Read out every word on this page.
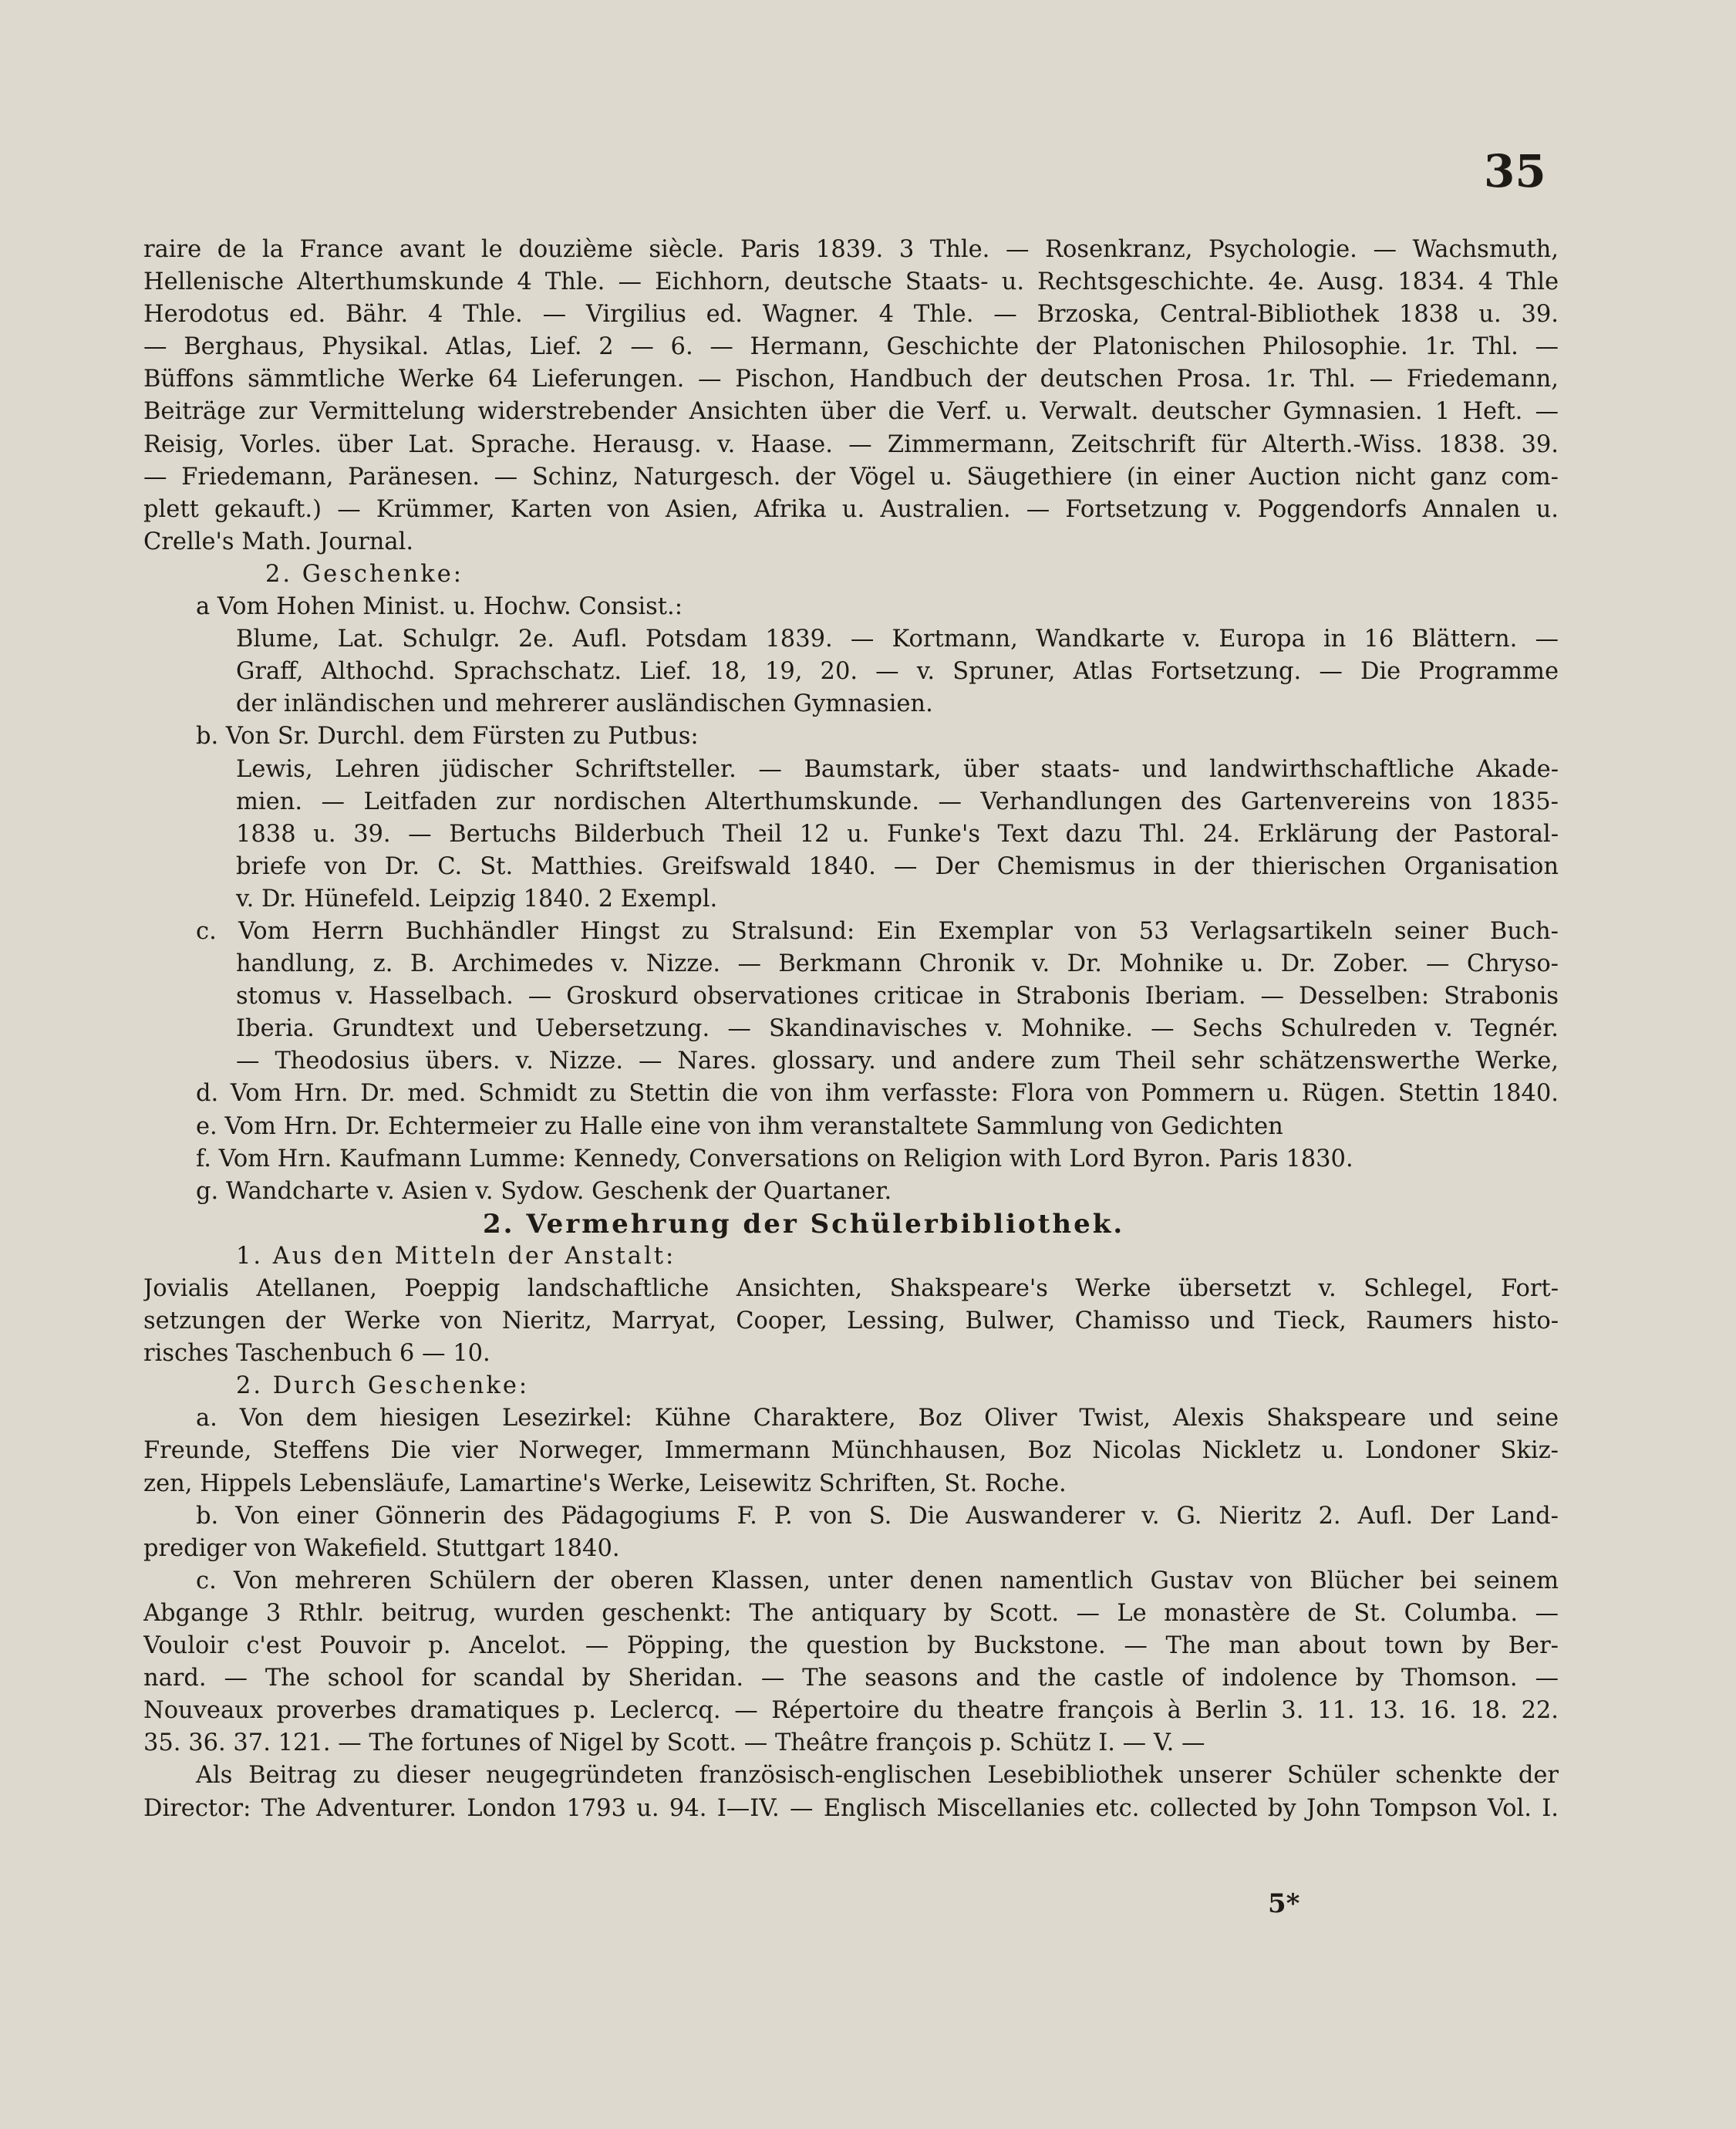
35
raire de la France avant le douzième siècle. Paris 1839. 3 Thle. — Rosenkranz, Psychologie. — Wachsmuth,
Hellenische Alterthumskunde 4 Thle. — Eichhorn, deutsche Staats- u. Rechtsgeschichte. 4e. Ausg. 1834. 4 Thle
Herodotus ed. Bähr. 4 Thle. — Virgilius ed. Wagner. 4 Thle. — Brzoska, Central-Bibliothek 1838 u. 39.
— Berghaus, Physikal. Atlas, Lief. 2 — 6. — Hermann, Geschichte der Platonischen Philosophie. 1r. Thl. —
Büffons sämmtliche Werke 64 Lieferungen. — Pischon, Handbuch der deutschen Prosa. 1r. Thl. — Friedemann,
Beiträge zur Vermittelung widerstrebender Ansichten über die Verf. u. Verwalt. deutscher Gymnasien. 1 Heft. —
Reisig, Vorles. über Lat. Sprache. Herausg. v. Haase. — Zimmermann, Zeitschrift für Alterth.-Wiss. 1838. 39.
— Friedemann, Paränesen. — Schinz, Naturgesch. der Vögel u. Säugethiere (in einer Auction nicht ganz com-
plett gekauft.) — Krümmer, Karten von Asien, Afrika u. Australien. — Fortsetzung v. Poggendorfs Annalen u.
Crelle's Math. Journal.
2. Geschenke:
a Vom Hohen Minist. u. Hochw. Consist.:
Blume, Lat. Schulgr. 2e. Aufl. Potsdam 1839. — Kortmann, Wandkarte v. Europa in 16 Blättern. —
Graff, Althochd. Sprachschatz. Lief. 18, 19, 20. — v. Spruner, Atlas Fortsetzung. — Die Programme
der inländischen und mehrerer ausländischen Gymnasien.
b. Von Sr. Durchl. dem Fürsten zu Putbus:
Lewis, Lehren jüdischer Schriftsteller. — Baumstark, über staats- und landwirthschaftliche Akade-
mien. — Leitfaden zur nordischen Alterthumskunde. — Verhandlungen des Gartenvereins von 1835-
1838 u. 39. — Bertuchs Bilderbuch Theil 12 u. Funke's Text dazu Thl. 24. Erklärung der Pastoral-
briefe von Dr. C. St. Matthies. Greifswald 1840. — Der Chemismus in der thierischen Organisation
v. Dr. Hünefeld. Leipzig 1840. 2 Exempl.
c. Vom Herrn Buchhändler Hingst zu Stralsund: Ein Exemplar von 53 Verlagsartikeln seiner Buch-
handlung, z. B. Archimedes v. Nizze. — Berkmann Chronik v. Dr. Mohnike u. Dr. Zober. — Chryso-
stomus v. Hasselbach. — Groskurd observationes criticae in Strabonis Iberiam. — Desselben: Strabonis
Iberia. Grundtext und Uebersetzung. — Skandinavisches v. Mohnike. — Sechs Schulreden v. Tegnér.
— Theodosius übers. v. Nizze. — Nares. glossary. und andere zum Theil sehr schätzenswerthe Werke,
d. Vom Hrn. Dr. med. Schmidt zu Stettin die von ihm verfasste: Flora von Pommern u. Rügen. Stettin 1840.
e. Vom Hrn. Dr. Echtermeier zu Halle eine von ihm veranstaltete Sammlung von Gedichten
f. Vom Hrn. Kaufmann Lumme: Kennedy, Conversations on Religion with Lord Byron. Paris 1830.
g. Wandcharte v. Asien v. Sydow. Geschenk der Quartaner.
2. Vermehrung der Schülerbibliothek.
1. Aus den Mitteln der Anstalt:
Jovialis Atellanen, Poeppig landschaftliche Ansichten, Shakspeare's Werke übersetzt v. Schlegel, Fort-
setzungen der Werke von Nieritz, Marryat, Cooper, Lessing, Bulwer, Chamisso und Tieck, Raumers histo-
risches Taschenbuch 6 — 10.
2. Durch Geschenke:
a. Von dem hiesigen Lesezirkel: Kühne Charaktere, Boz Oliver Twist, Alexis Shakspeare und seine
Freunde, Steffens Die vier Norweger, Immermann Münchhausen, Boz Nicolas Nickletz u. Londoner Skiz-
zen, Hippels Lebensläufe, Lamartine's Werke, Leisewitz Schriften, St. Roche.
b. Von einer Gönnerin des Pädagogiums F. P. von S. Die Auswanderer v. G. Nieritz 2. Aufl. Der Land-
prediger von Wakefield. Stuttgart 1840.
c. Von mehreren Schülern der oberen Klassen, unter denen namentlich Gustav von Blücher bei seinem
Abgange 3 Rthlr. beitrug, wurden geschenkt: The antiquary by Scott. — Le monastère de St. Columba. —
Vouloir c'est Pouvoir p. Ancelot. — Pöpping, the question by Buckstone. — The man about town by Ber-
nard. — The school for scandal by Sheridan. — The seasons and the castle of indolence by Thomson. —
Nouveaux proverbes dramatiques p. Leclercq. — Répertoire du theatre françois à Berlin 3. 11. 13. 16. 18. 22.
35. 36. 37. 121. — The fortunes of Nigel by Scott. — Theâtre françois p. Schütz I. — V. —
Als Beitrag zu dieser neugegründeten französisch-englischen Lesebibliothek unserer Schüler schenkte der
Director: The Adventurer. London 1793 u. 94. I—IV. — Englisch Miscellanies etc. collected by John Tompson Vol. I.
5*
